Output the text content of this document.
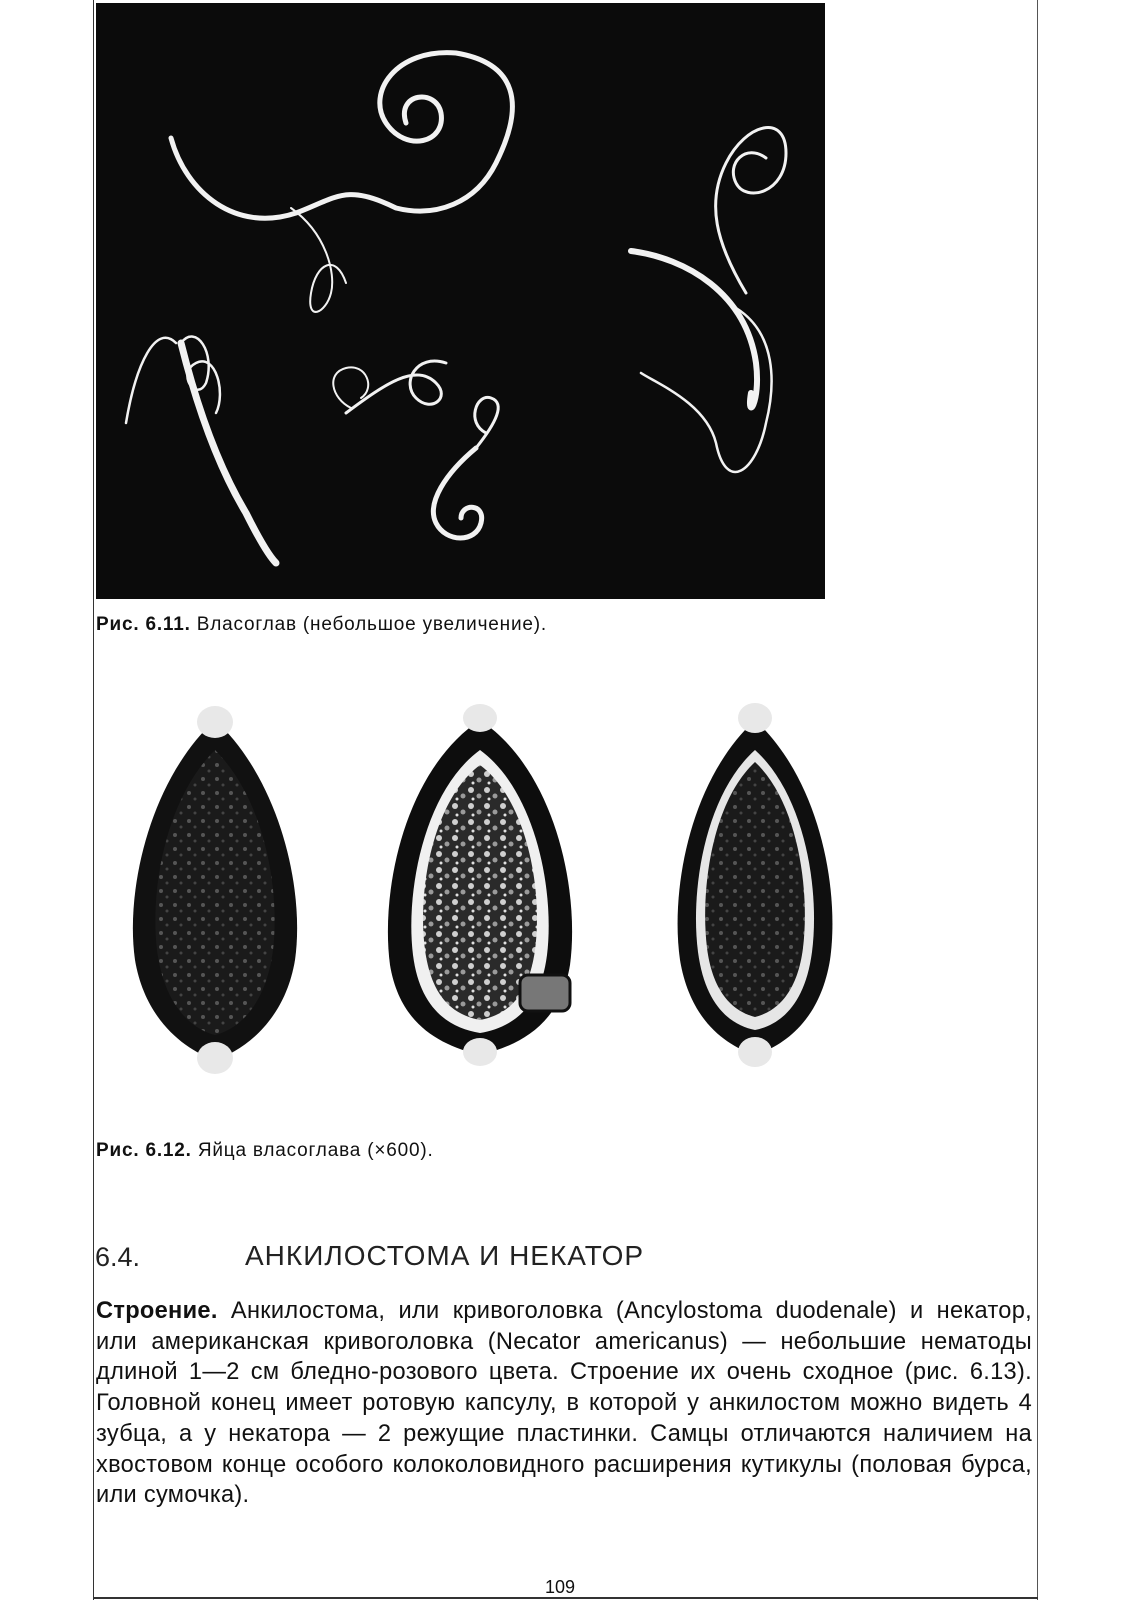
Рис. 6.11. Власоглав (небольшое увеличение).
Рис. 6.12. Яйца власоглава (×600).
6.4.	АНКИЛОСТОМА И НЕКАТОР
Строение. Анкилостома, или кривоголовка (Ancylostoma duodenale) и некатор, или американская кривоголовка (Necator americanus) — небольшие нематоды длиной 1—2 см бледно-розового цвета. Строение их очень сходное (рис. 6.13). Головной конец имеет ротовую капсулу, в которой у анкилостом можно видеть 4 зубца, а у некатора — 2 режущие пластинки. Самцы отличаются наличием на хвостовом конце особого колоколовидного расширения кутикулы (половая бурса, или сумочка).
109
